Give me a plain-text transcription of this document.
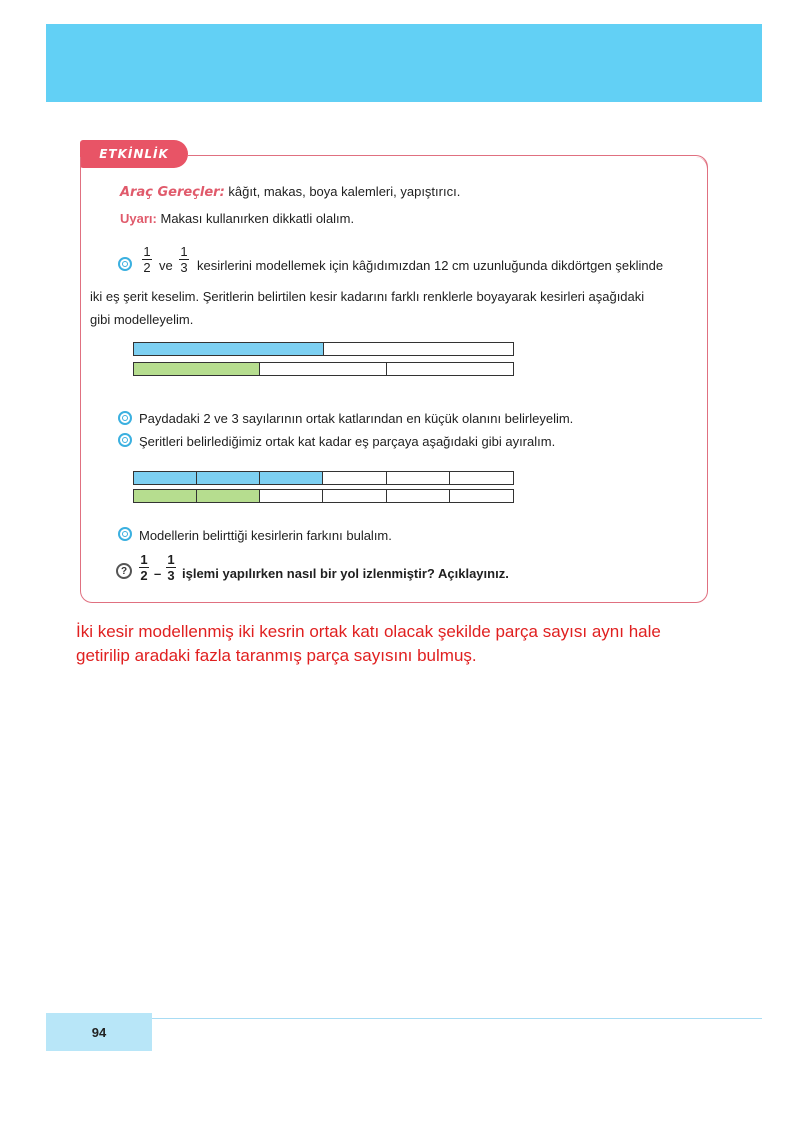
ETKİNLİK
Araç Gereçler: kâğıt, makas, boya kalemleri, yapıştırıcı.
Uyarı: Makası kullanırken dikkatli olalım.
1
2 ve
1
3 kesirlerini modellemek için kâğıdımızdan 12 cm uzunluğunda dikdörtgen şeklinde
iki eş şerit keselim. Şeritlerin belirtilen kesir kadarını farklı renklerle boyayarak kesirleri aşağıdaki
gibi modelleyelim.
Paydadaki 2 ve 3 sayılarının ortak katlarından en küçük olanını belirleyelim.
Şeritleri belirlediğimiz ortak kat kadar eş parçaya aşağıdaki gibi ayıralım.
Modellerin belirttiği kesirlerin farkını bulalım.
?
1
2 –
1
3 işlemi yapılırken nasıl bir yol izlenmiştir? Açıklayınız.
İki kesir modellenmiş iki kesrin ortak katı olacak şekilde parça sayısı aynı hale
getirilip aradaki fazla taranmış parça sayısını bulmuş.
94
